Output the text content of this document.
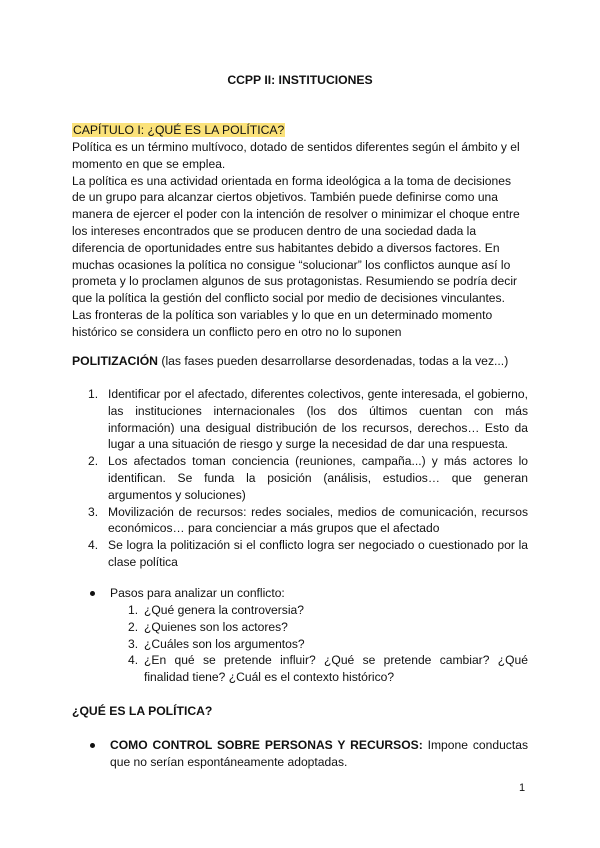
CCPP II: INSTITUCIONES
CAPÍTULO I: ¿QUÉ ES LA POLÍTICA?
Política es un término multívoco, dotado de sentidos diferentes según el ámbito y el
momento en que se emplea.
La política es una actividad orientada en forma ideológica a la toma de decisiones
de un grupo para alcanzar ciertos objetivos. También puede definirse como una
manera de ejercer el poder con la intención de resolver o minimizar el choque entre
los intereses encontrados que se producen dentro de una sociedad dada la
diferencia de oportunidades entre sus habitantes debido a diversos factores. En
muchas ocasiones la política no consigue “solucionar” los conflictos aunque así lo
prometa y lo proclamen algunos de sus protagonistas. Resumiendo se podría decir
que la política la gestión del conflicto social por medio de decisiones vinculantes.
Las fronteras de la política son variables y lo que en un determinado momento
histórico se considera un conflicto pero en otro no lo suponen
POLITIZACIÓN (las fases pueden desarrollarse desordenadas, todas a la vez...)
1. Identificar por el afectado, diferentes colectivos, gente interesada, el gobierno, las instituciones internacionales (los dos últimos cuentan con más información) una desigual distribución de los recursos, derechos… Esto da lugar a una situación de riesgo y surge la necesidad de dar una respuesta.
2. Los afectados toman conciencia (reuniones, campaña...) y más actores lo identifican. Se funda la posición (análisis, estudios… que generan argumentos y soluciones)
3. Movilización de recursos: redes sociales, medios de comunicación, recursos económicos… para concienciar a más grupos que el afectado
4. Se logra la politización si el conflicto logra ser negociado o cuestionado por la clase política
Pasos para analizar un conflicto:
1. ¿Qué genera la controversia?
2. ¿Quienes son los actores?
3. ¿Cuáles son los argumentos?
4. ¿En qué se pretende influir? ¿Qué se pretende cambiar? ¿Qué finalidad tiene? ¿Cuál es el contexto histórico?
¿QUÉ ES LA POLÍTICA?
COMO CONTROL SOBRE PERSONAS Y RECURSOS: Impone conductas que no serían espontáneamente adoptadas.
1
